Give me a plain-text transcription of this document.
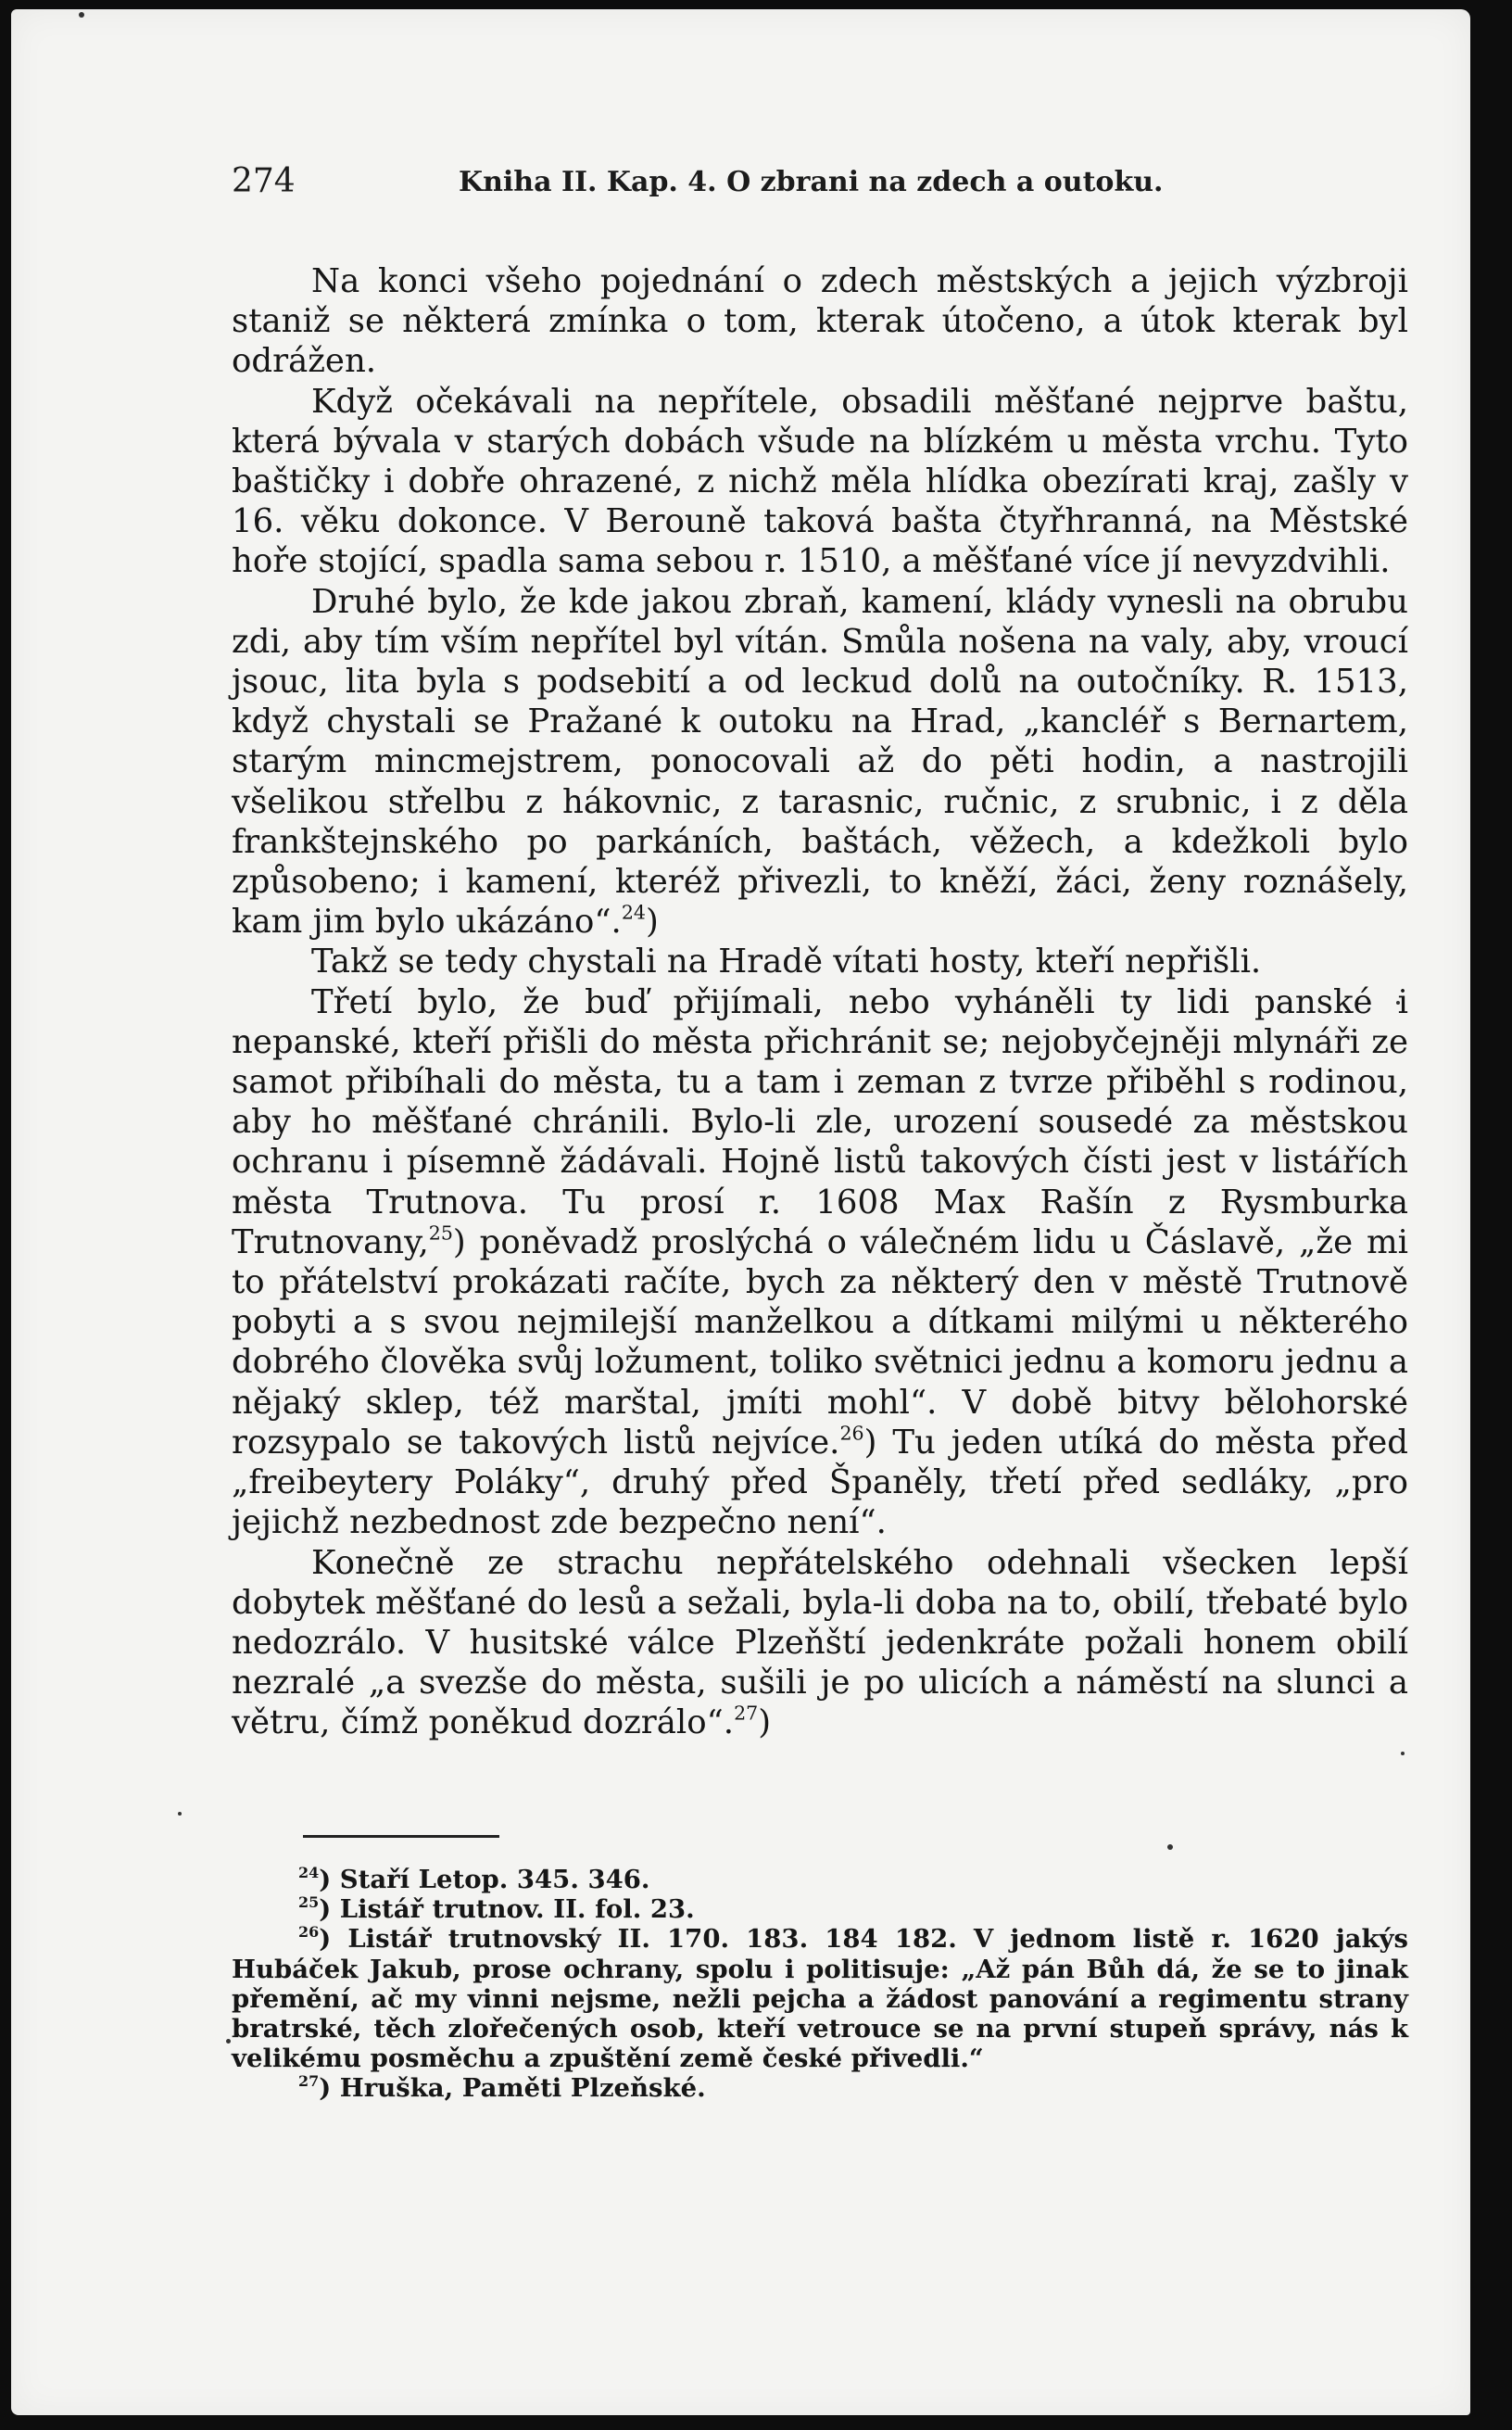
274	Kniha II. Kap. 4. O zbrani na zdech a outoku.

Na konci všeho pojednání o zdech městských a jejich výzbroji staniž se některá zmínka o tom, kterak útočeno, a útok kterak byl odrážen.

Když očekávali na nepřítele, obsadili měšťané nejprve baštu, která bývala v starých dobách všude na blízkém u města vrchu. Tyto baštičky i dobře ohrazené, z nichž měla hlídka obezírati kraj, zašly v 16. věku dokonce. V Berouně taková bašta čtyřhranná, na Městské hoře stojící, spadla sama sebou r. 1510, a měšťané více jí nevyzdvihli.

Druhé bylo, že kde jakou zbraň, kamení, klády vynesli na obrubu zdi, aby tím vším nepřítel byl vítán. Smůla nošena na valy, aby, vroucí jsouc, lita byla s podsebití a od leckud dolů na outočníky. R. 1513, když chystali se Pražané k outoku na Hrad, „kancléř s Bernartem, starým mincmejstrem, ponocovali až do pěti hodin, a nastrojili všelikou střelbu z hákovnic, z tarasnic, ručnic, z srubnic, i z děla frankštejnského po parkáních, baštách, věžech, a kdežkoli bylo způsobeno; i kamení, kteréž přivezli, to kněží, žáci, ženy roznášely, kam jim bylo ukázáno“.$^{24}$)

Takž se tedy chystali na Hradě vítati hosty, kteří nepřišli.

Třetí bylo, že buď přijímali, nebo vyháněli ty lidi panské i nepanské, kteří přišli do města přichránit se; nejobyčejněji mlynáři ze samot přibíhali do města, tu a tam i zeman z tvrze přiběhl s rodinou, aby ho měšťané chránili. Bylo-li zle, urození sousedé za městskou ochranu i písemně žádávali. Hojně listů takových čísti jest v listářích města Trutnova. Tu prosí r. 1608 Max Rašín z Rysmburka Trutnovany,$^{25}$) poněvadž proslýchá o válečném lidu u Čáslavě, „že mi to přátelství prokázati račíte, bych za některý den v městě Trutnově pobyti a s svou nejmilejší manželkou a dítkami milými u některého dobrého člověka svůj ložument, toliko světnici jednu a komoru jednu a nějaký sklep, též marštal, jmíti mohl“. V době bitvy bělohorské rozsypalo se takových listů nejvíce.$^{26}$) Tu jeden utíká do města před „freibeytery Poláky“, druhý před Španěly, třetí před sedláky, „pro jejichž nezbednost zde bezpečno není“.

Konečně ze strachu nepřátelského odehnali všecken lepší dobytek měšťané do lesů a sežali, byla-li doba na to, obilí, třebaté bylo nedozrálo. V husitské válce Plzeňští jedenkráte požali honem obilí nezralé „a svezše do města, sušili je po ulicích a náměstí na slunci a větru, čímž poněkud dozrálo“.$^{27}$)

$^{24}$) Staří Letop. 345. 346.

$^{25}$) Listář trutnov. II. fol. 23.

$^{26}$) Listář trutnovský II. 170. 183. 184 182. V jednom listě r. 1620 jakýs Hubáček Jakub, prose ochrany, spolu i politisuje: „Až pán Bůh dá, že se to jinak přemění, ač my vinni nejsme, nežli pejcha a žádost panování a regimentu strany bratrské, těch zlořečených osob, kteří vetrouce se na první stupeň správy, nás k velikému posměchu a zpuštění země české přivedli.“

$^{27}$) Hruška, Paměti Plzeňské.
